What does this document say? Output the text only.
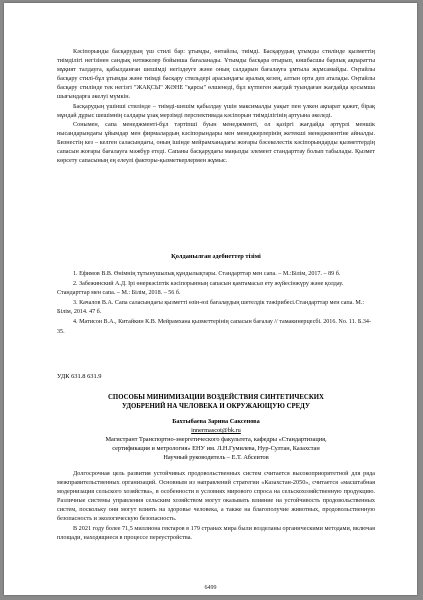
Кәсіпорынды басқарудың үш стилі бар: ұтымды, өнтайлы, тиімді. Басқарудың ұтымды стилінде қызметтің тиімділігі негізінен сандық нәтижелер бойынша бағаланады. Ұтымды басқара отырып, көшбасшы барлық ақпаратты мұқият талдауға, қабылданған шешімді негіздеуге және оның салдарын бағалауға ұмтыла жұмсамайды. Оңтайлы басқару стилі-бұл ұтымды және тиімді басқару стильдері арасындағы аралық кезең, алтын орта деп аталады. Оңтайлы басқару стилінде тек негізгі "ЖАҚСЫ" ЖӘНЕ "қарсы" өлшенеді, бұл күтпеген жағдай туындаған жағдайда қосымша шығындарға әкелуі мүмкін.

Басқарудың үшінші стилінде – тиімді-шешім қабылдау үшін максималды уақыт пен үлкен ақпарат қажет, бірақ мұндай дұрыс шешімнің салдары ұзақ мерзімді перспективада кәсіпорын тиімділігінің артуына әкеледі.

Сонымен, сапа менеджменті-бұл тәртіпші буын менеджменті, ол қазіргі жағдайда әртүрлі меншік нысандарындағы ұйымдар мен фирмалардың кәсіпорындары мен менеджерлерінің жетекші менеджментіне айналды. Бизнестің кез – келген саласындағы, оның ішінде мейрамханадағы жоғары бәсекелестік кәсіпорындарды қызметтердің сапасын жоғары бағалауға мәжбүр етеді. Сапаны басқарудағы маңызды элемент стандарттау болып табылады. Қызмет көрсету сапасының ең елеулі факторы-қызметкерлермен жұмыс.

Қолданылған әдебиеттер тізімі

1. Ефимов В.В. Өнімнің тұтынушылық құндылықтары. Стандарттар мен сапа. – М.:Білім, 2017. – 89 б.

2. Забежинский А.Д. Ірі өнеркәсіптік кәсіпорынның сапасын қамтамасыз ету жүйесінжүру және қолдау. Стандарттар мен сапа. – М.: Білім, 2018. – 56 б.

3. Качалов В.А. Сапа саласындағы қызметті өзін-өзі бағалаудың шетелдік тәжірибесі.Стандарттар мен сапа. М.: Білім, 2014. 47 б.

4. Матисон В.А., Китайкин К.В. Мейрамхана қызметтерінің сапасын бағалау // тамакинерцесбі. 2016. No. 11. Б.34-35.

УДК 631.8 631.9
СПОСОБЫ МИНИМИЗАЦИИ ВОЗДЕЙСТВИЯ СИНТЕТИЧЕСКИХ
УДОБРЕНИЙ НА ЧЕЛОВЕКА И ОКРУЖАЮЩУЮ СРЕДУ
Бахтыбаева Зарина Саксенова
innermascot@bk.ru
Магистрант Транспортно-энергетического факультета, кафедры «Стандартизация,
сертификация и метрология» ЕНУ им. Л.Н.Гумилева, Нур-Султан, Казахстан
Научный руководитель – Е.Т. Абсеитов

Долгосрочная цель развития устойчивых продовольственных систем считается высокоприоритетной для ряда межправительственных организаций. Основным из направлений стратегии «Казахстан-2050», считается «масштабная модернизация сельского хозяйства», в особенности в условиях мирового спроса на сельскохозяйственную продукцию. Различные системы управления сельским хозяйством могут оказывать влияние на устойчивость продовольственных систем, поскольку они могут влиять на здоровье человека, а также на благополучие животных, продовольственную безопасность и экологическую безопасность.

В 2021 году более 71,5 миллиона гектаров в 179 странах мира были возделаны органическими методами, включая площади, находящиеся в процессе переустройства.

6499
